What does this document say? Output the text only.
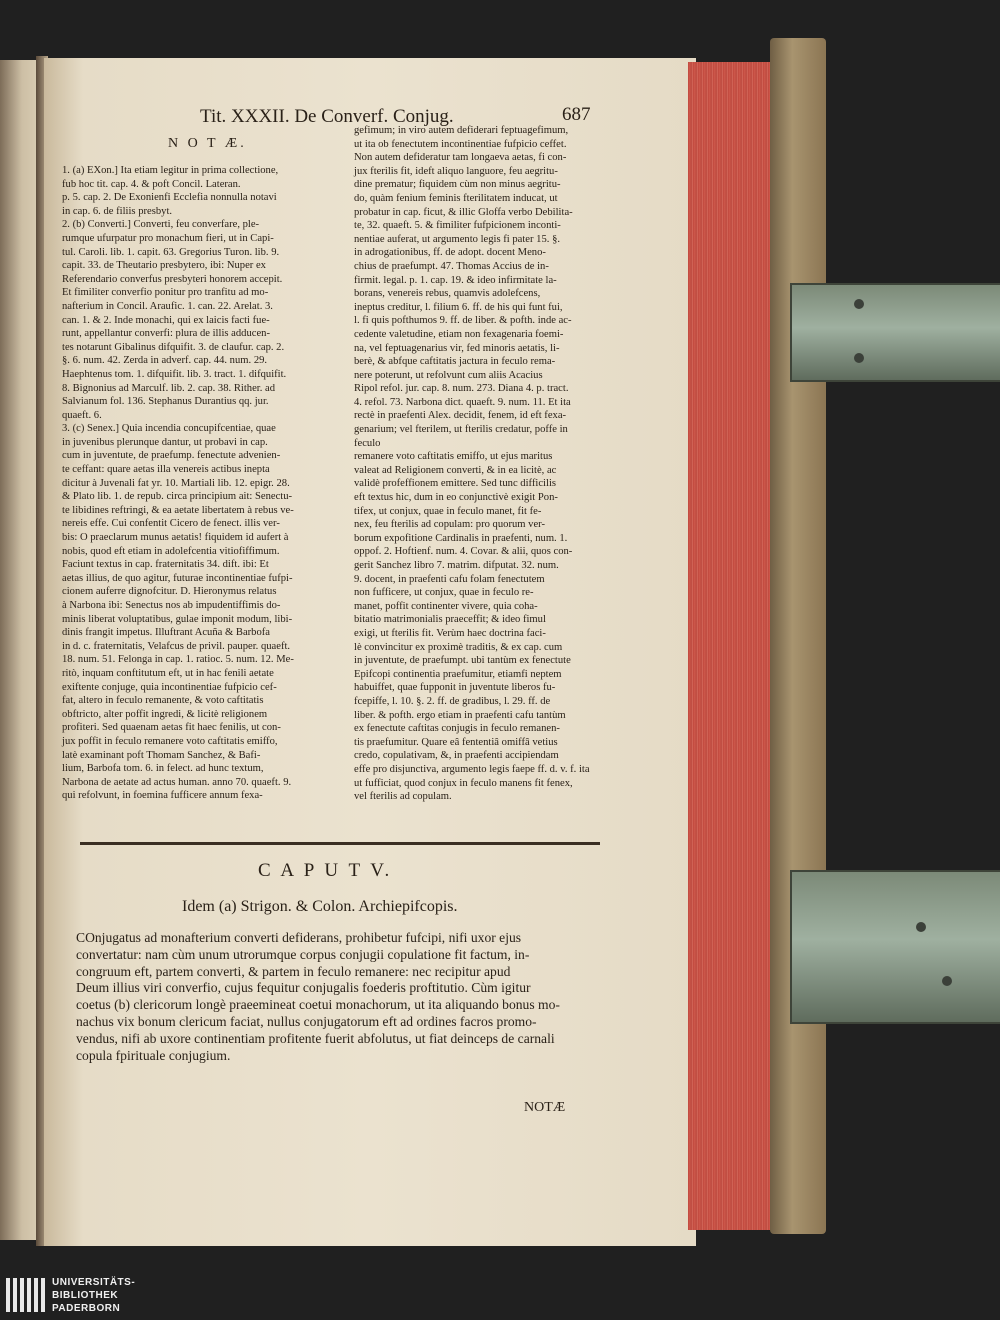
Tit. XXXII. De Converf. Conjug.	687
N O T Æ.
1. (a) EXon.] Ita etiam legitur in prima collectione,
fub hoc tit. cap. 4. & poft Concil. Lateran.
p. 5. cap. 2. De Exonienfi Ecclefia nonnulla notavi
in cap. 6. de filiis presbyt.
2. (b) Converti.] Converti, feu converfare, ple-
rumque ufurpatur pro monachum fieri, ut in Capi-
tul. Caroli. lib. 1. capit. 63. Gregorius Turon. lib. 9.
capit. 33. de Theutario presbytero, ibi: Nuper ex
Referendario converfus presbyteri honorem accepit.
Et fimiliter converfio ponitur pro tranfitu ad mo-
nafterium in Concil. Araufic. 1. can. 22. Arelat. 3.
can. 1. & 2. Inde monachi, qui ex laicis facti fue-
runt, appellantur converfi: plura de illis adducen-
tes notarunt Gibalinus difquifit. 3. de claufur. cap. 2.
§. 6. num. 42. Zerda in adverf. cap. 44. num. 29.
Haephtenus tom. 1. difquifit. lib. 3. tract. 1. difquifit.
8. Bignonius ad Marculf. lib. 2. cap. 38. Rither. ad
Salvianum fol. 136. Stephanus Durantius qq. jur.
quaeft. 6.
3. (c) Senex.] Quia incendia concupifcentiae, quae
in juvenibus plerunque dantur, ut probavi in cap.
cum in juventute, de praefump. fenectute advenien-
te ceffant: quare aetas illa venereis actibus inepta
dicitur à Juvenali fat yr. 10. Martiali lib. 12. epigr. 28.
& Plato lib. 1. de repub. circa principium ait: Senectu-
te libidines reftringi, & ea aetate libertatem à rebus ve-
nereis effe. Cui confentit Cicero de fenect. illis ver-
bis: O praeclarum munus aetatis! fiquidem id aufert à
nobis, quod eft etiam in adolefcentia vitiofiffimum.
Faciunt textus in cap. fraternitatis 34. dift. ibi: Et
aetas illius, de quo agitur, futurae incontinentiae fufpi-
cionem auferre dignofcitur. D. Hieronymus relatus
à Narbona ibi: Senectus nos ab impudentiffimis do-
minis liberat voluptatibus, gulae imponit modum, libi-
dinis frangit impetus. Illuftrant Acuña & Barbofa
in d. c. fraternitatis, Velafcus de privil. pauper. quaeft.
18. num. 51. Felonga in cap. 1. ratioc. 5. num. 12. Me-
ritò, inquam conftitutum eft, ut in hac fenili aetate
exiftente conjuge, quia incontinentiae fufpicio cef-
fat, altero in feculo remanente, & voto caftitatis
obftricto, alter poffit ingredi, & licitè religionem
profiteri. Sed quaenam aetas fit haec fenilis, ut con-
jux poffit in feculo remanere voto caftitatis emiffo,
latè examinant poft Thomam Sanchez, & Bafi-
lium, Barbofa tom. 6. in felect. ad hunc textum,
Narbona de aetate ad actus human. anno 70. quaeft. 9.
qui refolvunt, in foemina fufficere annum fexa-
gefimum; in viro autem defiderari feptuagefimum,
ut ita ob fenectutem incontinentiae fufpicio ceffet.
Non autem defideratur tam longaeva aetas, fi con-
jux fterilis fit, ideft aliquo languore, feu aegritu-
dine prematur; fiquidem cùm non minus aegritu-
do, quàm fenium feminis fterilitatem inducat, ut
probatur in cap. ficut, & illic Gloffa verbo Debilita-
te, 32. quaeft. 5. & fimiliter fufpicionem inconti-
nentiae auferat, ut argumento legis fi pater 15. §.
in adrogationibus, ff. de adopt. docent Meno-
chius de praefumpt. 47. Thomas Accius de in-
firmit. legal. p. 1. cap. 19. & ideo infirmitate la-
borans, venereis rebus, quamvis adolefcens,
ineptus creditur, l. filium 6. ff. de his qui funt fui,
l. fi quis pofthumos 9. ff. de liber. & pofth. inde ac-
cedente valetudine, etiam non fexagenaria foemi-
na, vel feptuagenarius vir, fed minoris aetatis, li-
berè, & abfque caftitatis jactura in feculo rema-
nere poterunt, ut refolvunt cum aliis Acacius
Ripol refol. jur. cap. 8. num. 273. Diana 4. p. tract.
4. refol. 73. Narbona dict. quaeft. 9. num. 11. Et ita
rectè in praefenti Alex. decidit, fenem, id eft fexa-
genarium; vel fterilem, ut fterilis credatur, poffe in feculo
remanere voto caftitatis emiffo, ut ejus maritus
valeat ad Religionem converti, & in ea licitè, ac
validè profeffionem emittere. Sed tunc difficilis
eft textus hic, dum in eo conjunctivè exigit Pon-
tifex, ut conjux, quae in feculo manet, fit fe-
nex, feu fterilis ad copulam: pro quorum ver-
borum expofitione Cardinalis in praefenti, num. 1.
oppof. 2. Hoftienf. num. 4. Covar. & alii, quos con-
gerit Sanchez libro 7. matrim. difputat. 32. num.
9. docent, in praefenti cafu folam fenectutem
non fufficere, ut conjux, quae in feculo re-
manet, poffit continenter vivere, quia coha-
bitatio matrimonialis praeceffit; & ideo fimul
exigi, ut fterilis fit. Verùm haec doctrina faci-
lè convincitur ex proximè traditis, & ex cap. cum
in juventute, de praefumpt. ubi tantùm ex fenectute
Epifcopi continentia praefumitur, etiamfi neptem
habuiffet, quae fupponit in juventute liberos fu-
fcepiffe, l. 10. §. 2. ff. de gradibus, l. 29. ff. de
liber. & pofth. ergo etiam in praefenti cafu tantùm
ex fenectute caftitas conjugis in feculo remanen-
tis praefumitur. Quare eâ fententiâ omiffâ vetius
credo, copulativam, &, in praefenti accipiendam
effe pro disjunctiva, argumento legis faepe ff. d. v. f. ita
ut fufficiat, quod conjux in feculo manens fit fenex,
vel fterilis ad copulam.
C A P U T V.
Idem (a) Strigon. & Colon. Archiepifcopis.
COnjugatus ad monafterium converti defiderans, prohibetur fufcipi, nifi uxor ejus
convertatur: nam cùm unum utrorumque corpus conjugii copulatione fit factum, in-
congruum eft, partem converti, & partem in feculo remanere: nec recipitur apud
Deum illius viri converfio, cujus fequitur conjugalis foederis proftitutio. Cùm igitur
coetus (b) clericorum longè praeemineat coetui monachorum, ut ita aliquando bonus mo-
nachus vix bonum clericum faciat, nullus conjugatorum eft ad ordines facros promo-
vendus, nifi ab uxore continentiam profitente fuerit abfolutus, ut fiat deinceps de carnali
copula fpirituale conjugium.
NOTÆ
UNIVERSITÄTS-
BIBLIOTHEK
PADERBORN
